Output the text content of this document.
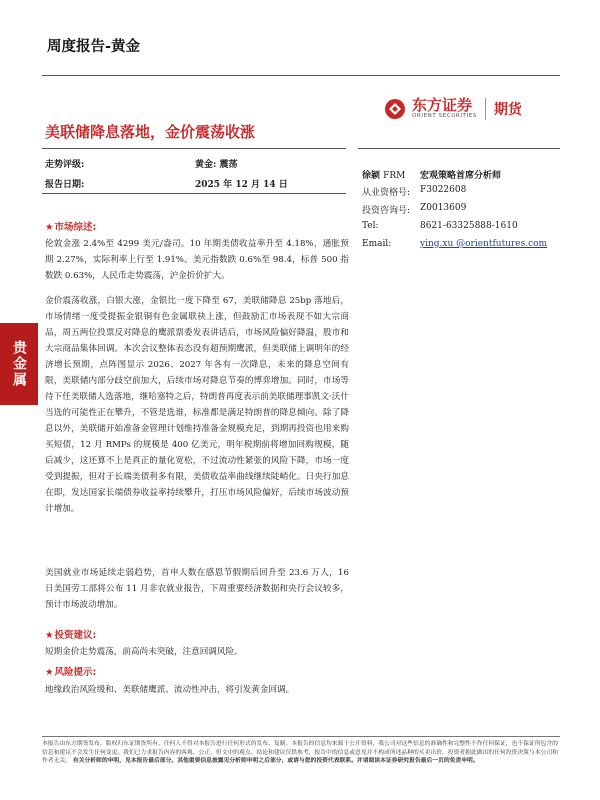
贵金属
周度报告-黄金
东方证券
ORIENT SECURITIES 期货
美联储降息落地，金价震荡收涨
走势评级:	黄金: 震荡
报告日期:	2025 年 12 月 14 日
徐颖 FRM	宏观策略首席分析师
从业资格号:	F3022608
投资咨询号:	Z0013609
Tel:	8621-63325888-1610
Email:	ying.xu @orientfutures.com
★市场综述:
伦敦金涨 2.4%至 4299 美元/盎司。10 年期美债收益率升至 4.18%，通胀预期 2.27%，实际利率上行至 1.91%。美元指数跌 0.6%至 98.4，标普 500 指数跌 0.63%，人民币走势震荡，沪金折价扩大。
金价震荡收涨，白银大涨，金银比一度下降至 67，美联储降息 25bp 落地后，市场情绪一度受提振金银铜有色金属联袂上涨，但鼓励汇市场表现不如大宗商品，周五两位投票反对降息的鹰派票委发表讲话后，市场风险偏好降温，股市和大宗商品集体回调。本次会议整体表态没有超预期鹰派，但美联储上调明年的经济增长预期，点阵图显示 2026、2027 年各有一次降息，未来的降息空间有限，美联储内部分歧空前加大，后续市场对降息节奏的博弈增加。同时，市场等待下任美联储人选落地，继哈塞特之后，特朗普再度表示前美联储理事凯文·沃什当选的可能性正在攀升，不管是选谁，标准都是满足特朗普的降息倾向。除了降息以外，美联储开始准备金管理计划维持准备金规模充足，到期再投资也用来购买短债，12 月 RMPs 的规模是 400 亿美元，明年税期前将增加回购规模，随后减少，这还算不上是真正的量化宽松，不过流动性紧张的风险下降，市场一度受到提振，但对于长端美债利多有限，美债收益率曲线继续陡峭化。日央行加息在即，发达国家长端债券收益率持续攀升，打压市场风险偏好，后续市场波动预计增加。
美国就业市场延续走弱趋势，首申人数在感恩节假期后回升至 23.6 万人，16 日美国劳工部将公布 11 月非农就业报告，下周重要经济数据和央行会议较多，预计市场波动增加。
★投资建议:
短期金价走势震荡，前高尚未突破，注意回调风险。
★风险提示:
地缘政治风险缓和、美联储鹰派、流动性冲击，将引发黄金回调。
本报告由东方期货发布，版权归东证期货所有，任何人不得对本报告进行任何形式的发布、复制。本报告的信息均来源于公开资料，我公司对这些信息的准确性和完整性不作任何保证，也不保证所包含的信息和建议不会发生任何变更。我们已力求报告内容的客观、公正，但文中的观点、结论和建议仅供参考，报告中的信息或意见并不构成所述品种的买卖出价，投资者据此做出的任何投资决策与本公司和作者无关。 有关分析师的申明，见本报告最后部分。其他重要信息披露见分析师申明之后部分，或请与您的投资代表联系。并请阅读本证券研究报告最后一页的免责申明。
